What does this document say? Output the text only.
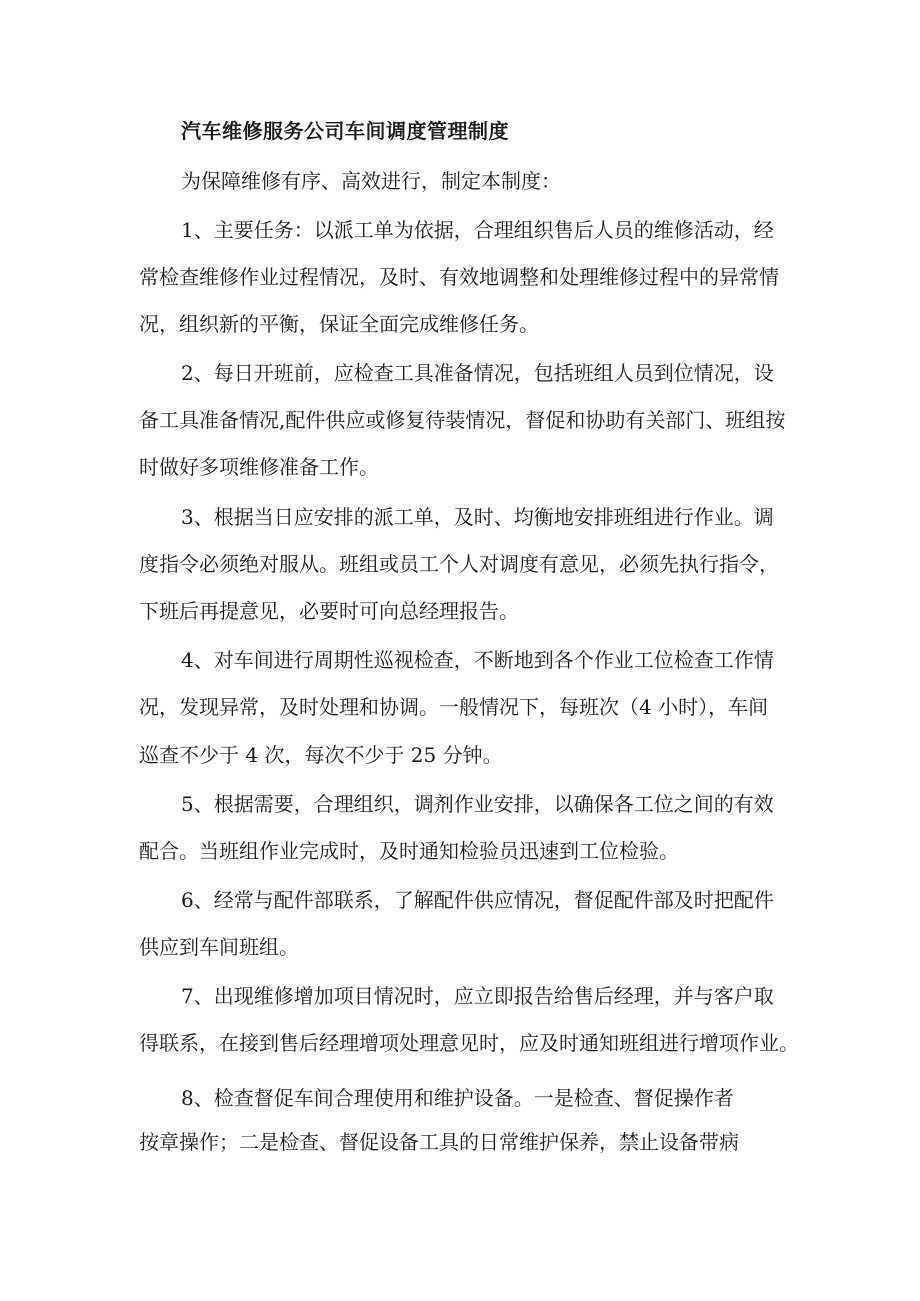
汽车维修服务公司车间调度管理制度
为保障维修有序、高效进行，制定本制度：
1、主要任务：以派工单为依据，合理组织售后人员的维修活动，经
常检查维修作业过程情况，及时、有效地调整和处理维修过程中的异常情
况，组织新的平衡，保证全面完成维修任务。
2、每日开班前，应检查工具准备情况，包括班组人员到位情况，设
备工具准备情况,配件供应或修复待装情况，督促和协助有关部门、班组按
时做好多项维修准备工作。
3、根据当日应安排的派工单，及时、均衡地安排班组进行作业。调
度指令必须绝对服从。班组或员工个人对调度有意见，必须先执行指令，
下班后再提意见，必要时可向总经理报告。
4、对车间进行周期性巡视检查，不断地到各个作业工位检查工作情
况，发现异常，及时处理和协调。一般情况下，每班次（4 小时），车间
巡查不少于 4 次，每次不少于 25 分钟。
5、根据需要，合理组织，调剂作业安排，以确保各工位之间的有效
配合。当班组作业完成时，及时通知检验员迅速到工位检验。
6、经常与配件部联系，了解配件供应情况，督促配件部及时把配件
供应到车间班组。
7、出现维修增加项目情况时，应立即报告给售后经理，并与客户取
得联系，在接到售后经理增项处理意见时，应及时通知班组进行增项作业。
8、检查督促车间合理使用和维护设备。一是检查、督促操作者
按章操作；二是检查、督促设备工具的日常维护保养，禁止设备带病
